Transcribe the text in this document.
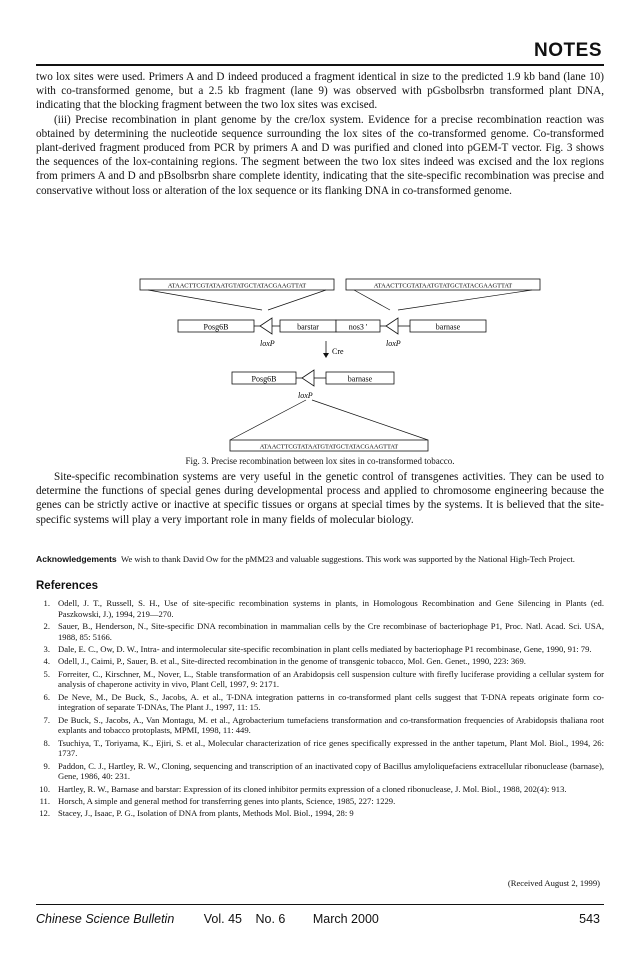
NOTES

two lox sites were used. Primers A and D indeed produced a fragment identical in size to the predicted 1.9 kb band (lane 10) with co-transformed genome, but a 2.5 kb fragment (lane 9) was observed with pGsbolbsrbn transformed plant DNA, indicating that the blocking fragment between the two lox sites was excised.

(iii) Precise recombination in plant genome by the cre/lox system. Evidence for a precise recombination reaction was obtained by determining the nucleotide sequence surrounding the lox sites of the co-transformed genome. Co-transformed plant-derived fragment produced from PCR by primers A and D was purified and cloned into pGEM-T vector. Fig. 3 shows the sequences of the lox-containing regions. The segment between the two lox sites indeed was excised and the lox regions from primers A and D and pBsolbsrbn share complete identity, indicating that the site-specific recombination was precise and conservative without loss or alteration of the lox sequence or its flanking DNA in co-transformed genome.

ATAACTTCGTATAATGTATGCTATACGAAGTTAT	ATAACTTCGTATAATGTATGCTATACGAAGTTAT
Posg6B	barstar	nos3 '	barnase
loxP	loxP
Cre
Posg6B	barnase
loxP
ATAACTTCGTATAATGTATGCTATACGAAGTTAT
Fig. 3. Precise recombination between lox sites in co-transformed tobacco.

Site-specific recombination systems are very useful in the genetic control of transgenes activities. They can be used to determine the functions of special genes during developmental process and applied to chromosome engineering because the genes can be strictly active or inactive at specific tissues or organs at special times by the systems. It is believed that the site-specific systems will play a very important role in many fields of molecular biology.

Acknowledgements We wish to thank David Ow for the pMM23 and valuable suggestions. This work was supported by the National High-Tech Project.
References
1. Odell, J. T., Russell, S. H., Use of site-specific recombination systems in plants, in Homologous Recombination and Gene Silencing in Plants (ed. Paszkowski, J.), 1994, 219—270.
2. Sauer, B., Henderson, N., Site-specific DNA recombination in mammalian cells by the Cre recombinase of bacteriophage P1, Proc. Natl. Acad. Sci. USA, 1988, 85: 5166.
3. Dale, E. C., Ow, D. W., Intra- and intermolecular site-specific recombination in plant cells mediated by bacteriophage P1 recombinase, Gene, 1990, 91: 79.
4. Odell, J., Caimi, P., Sauer, B. et al., Site-directed recombination in the genome of transgenic tobacco, Mol. Gen. Genet., 1990, 223: 369.
5. Forreiter, C., Kirschner, M., Nover, L., Stable transformation of an Arabidopsis cell suspension culture with firefly luciferase providing a cellular system for analysis of chaperone activity in vivo, Plant Cell, 1997, 9: 2171.
6. De Neve, M., De Buck, S., Jacobs, A. et al., T-DNA integration patterns in co-transformed plant cells suggest that T-DNA repeats originate form co-integration of separate T-DNAs, The Plant J., 1997, 11: 15.
7. De Buck, S., Jacobs, A., Van Montagu, M. et al., Agrobacterium tumefaciens transformation and co-transformation frequencies of Arabidopsis thaliana root explants and tobacco protoplasts, MPMI, 1998, 11: 449.
8. Tsuchiya, T., Toriyama, K., Ejiri, S. et al., Molecular characterization of rice genes specifically expressed in the anther tapetum, Plant Mol. Biol., 1994, 26: 1737.
9. Paddon, C. J., Hartley, R. W., Cloning, sequencing and transcription of an inactivated copy of Bacillus amyloliquefaciens extracellular ribonuclease (barnase), Gene, 1986, 40: 231.
10. Hartley, R. W., Barnase and barstar: Expression of its cloned inhibitor permits expression of a cloned ribonuclease, J. Mol. Biol., 1988, 202(4): 913.
11. Horsch, A simple and general method for transferring genes into plants, Science, 1985, 227: 1229.
12. Stacey, J., Isaac, P. G., Isolation of DNA from plants, Methods Mol. Biol., 1994, 28: 9
(Received August 2, 1999)
Chinese Science Bulletin Vol. 45 No. 6 March 2000	543
